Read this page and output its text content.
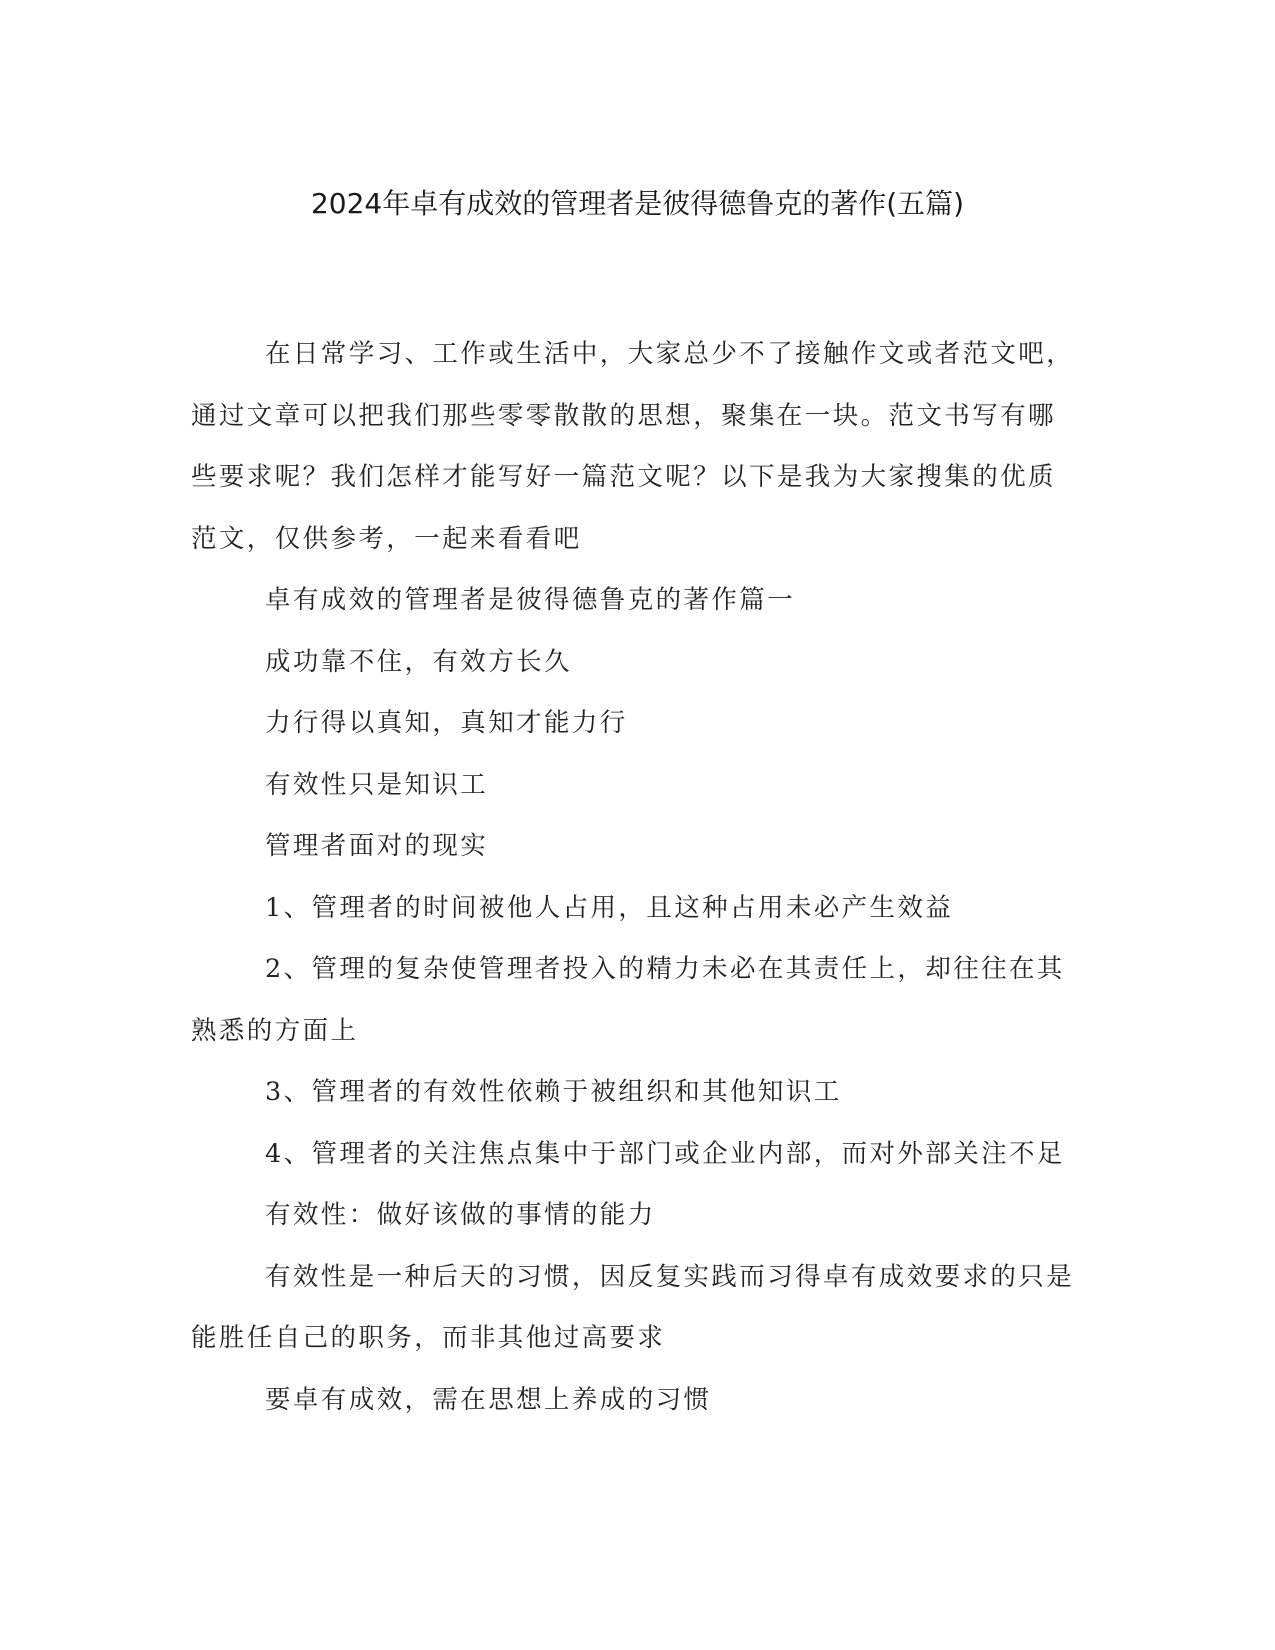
2024年卓有成效的管理者是彼得德鲁克的著作(五篇)

在日常学习、工作或生活中，大家总少不了接触作文或者范文吧，通过文章可以把我们那些零零散散的思想，聚集在一块。范文书写有哪些要求呢？我们怎样才能写好一篇范文呢？以下是我为大家搜集的优质范文，仅供参考，一起来看看吧

卓有成效的管理者是彼得德鲁克的著作篇一

成功靠不住，有效方长久

力行得以真知，真知才能力行

有效性只是知识工

管理者面对的现实

1、管理者的时间被他人占用，且这种占用未必产生效益

2、管理的复杂使管理者投入的精力未必在其责任上，却往往在其熟悉的方面上

3、管理者的有效性依赖于被组织和其他知识工

4、管理者的关注焦点集中于部门或企业内部，而对外部关注不足

有效性：做好该做的事情的能力

有效性是一种后天的习惯，因反复实践而习得卓有成效要求的只是能胜任自己的职务，而非其他过高要求

要卓有成效，需在思想上养成的习惯
